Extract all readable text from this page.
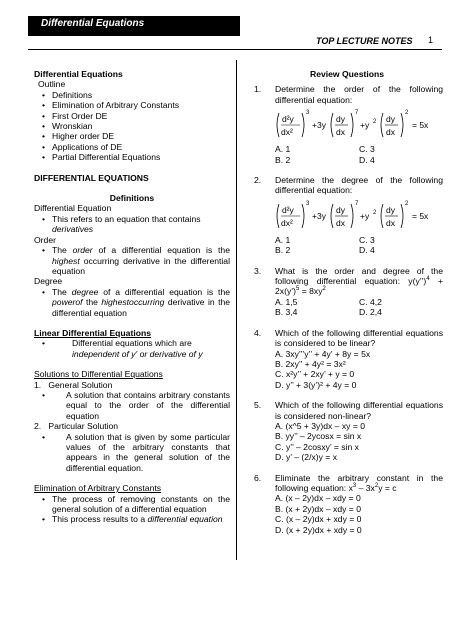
Differential Equations
TOP LECTURE NOTES 1
Differential Equations
Outline
• Definitions
• Elimination of Arbitrary Constants
• First Order DE
• Wronskian
• Higher order DE
• Applications of DE
• Partial Differential Equations
DIFFERENTIAL EQUATIONS
Definitions
Differential Equation
• This refers to an equation that contains
derivatives
Order
• The order of a differential equation is the highest occurring derivative in the differential equation
Degree
• The degree of a differential equation is the powerof the highestoccurring derivative in the differential equation
Linear Differential Equations
• Differential equations which are
independent of y' or derivative of y
Solutions to Differential Equations
1. General Solution
• A solution that contains arbitrary constants equal to the order of the differential equation
2. Particular Solution
• A solution that is given by some particular values of the arbitrary constants that appears in the general solution of the differential equation.
Elimination of Arbitrary Constants
• The process of removing constants on the general solution of a differential equation
• This process results to a differential equation
Review Questions
1. Determine the order of the following differential equation:
d²y
dx²
3
+3y
dy
dx
7
+y 2 dy
dx
2
= 5x
A. 1	C. 3
B. 2	D. 4
2. Determine the degree of the following differential equation:
d²y
dx²
3
+3y
dy
dx
7
+y 2 dy
dx
2
= 5x
A. 1	C. 3
B. 2	D. 4
3. What is the order and degree of the following differential equation: y(y’’)$^4$ + 2x(y’)$^5$ = $8xy^2$
A. 1,5	C. 4,2
B. 3,4	D. 2,4
4. Which of the following differential equations is considered to be linear?
A. 3xy’’’y’’ + 4y’ + 8y = 5x
B. 2xy’’ + 4y² = 3x²
C. x²y’’ + 2xy’ + y = 0
D. y’’ + 3(y’)² + 4y = 0
5. Which of the following differential equations is considered non-linear?
A. (x^5 + 3y)dx – xy = 0
B. yy’’ – 2ycosx = sin x
C. y’’ – 2cosxy’ = sin x
D. y’ – (2/x)y = x
6. Eliminate the arbitrary constant in the following equation: $x^3 - 3x^2y = c$
A. (x – 2y)dx – xdy = 0
B. (x + 2y)dx – xdy = 0
C. (x – 2y)dx + xdy = 0
D. (x + 2y)dx + xdy = 0
